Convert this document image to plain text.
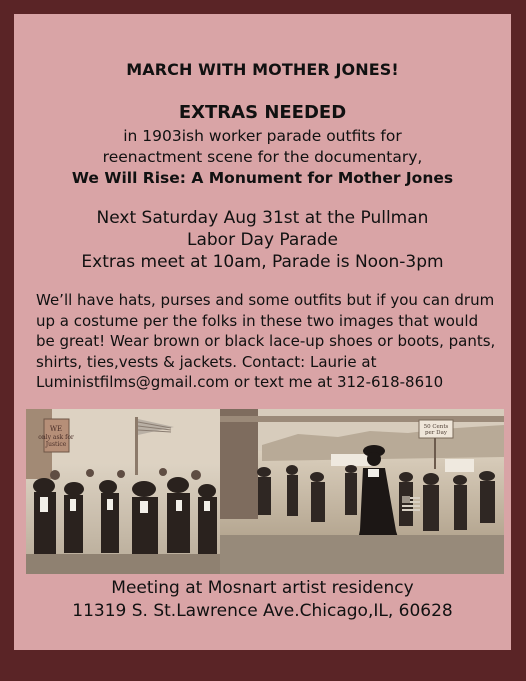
MARCH WITH MOTHER JONES!
EXTRAS NEEDED
in 1903ish worker parade outfits for
reenactment scene for the documentary,
We Will Rise: A Monument for Mother Jones
Next Saturday Aug 31st at the Pullman
Labor Day Parade
Extras meet at 10am, Parade is Noon-3pm
We’ll have hats, purses and some outfits but if you can drum up a costume per the folks in these two images that would be great! Wear brown or black lace-up shoes or boots, pants, shirts, ties,vests & jackets. Contact: Laurie at Luministfilms@gmail.com or text me at 312-618-8610
WE
only ask for
Justice
50 Cents
per Day
Meeting at Mosnart artist residency
11319 S. St.Lawrence Ave.Chicago,IL, 60628
